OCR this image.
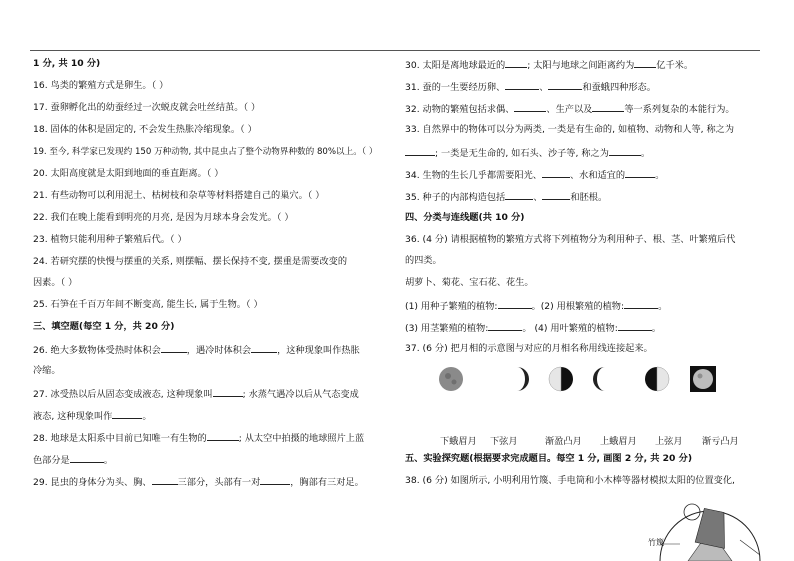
1 分, 共 10 分)
16. 鸟类的繁殖方式是卵生。（ ）
17. 蚕卵孵化出的幼蚕经过一次蜕皮就会吐丝结茧。（ ）
18. 固体的体积是固定的, 不会发生热胀冷缩现象。（ ）
19. 至今, 科学家已发现约 150 万种动物, 其中昆虫占了整个动物界种数的 80%以上。（ ）
20. 太阳高度就是太阳到地面的垂直距离。（ ）
21. 有些动物可以利用泥土、枯树枝和杂草等材料搭建自己的巢穴。（ ）
22. 我们在晚上能看到明亮的月亮, 是因为月球本身会发光。（ ）
23. 植物只能利用种子繁殖后代。（ ）
24. 若研究摆的快慢与摆重的关系, 则摆幅、摆长保持不变, 摆重是需要改变的
因素。（ ）
25. 石笋在千百万年间不断变高, 能生长, 属于生物。（ ）
三、填空题(每空 1 分，共 20 分)
26. 绝大多数物体受热时体积会	，遇冷时体积会	，这种现象叫作热胀
冷缩。
27. 冰受热以后从固态变成液态, 这种现象叫	; 水蒸气遇冷以后从气态变成
液态, 这种现象叫作	。
28. 地球是太阳系中目前已知唯一有生物的	; 从太空中拍摄的地球照片上蓝
色部分是	。
29. 昆虫的身体分为头、胸、	三部分，头部有一对	，胸部有三对足。
30. 太阳是离地球最近的 ; 太阳与地球之间距离约为 亿千米。
31. 蚕的一生要经历卵、	、	和蚕蛾四种形态。
32. 动物的繁殖包括求偶、	、生产以及	等一系列复杂的本能行为。
33. 自然界中的物体可以分为两类, 一类是有生命的, 如植物、动物和人等, 称之为
; 一类是无生命的, 如石头、沙子等, 称之为	。
34. 生物的生长几乎都需要阳光、	、水和适宜的	。
35. 种子的内部构造包括	、	和胚根。
四、分类与连线题(共 10 分)
36. (4 分) 请根据植物的繁殖方式将下列植物分为利用种子、根、茎、叶繁殖后代
的四类。
胡萝卜、菊花、宝石花、花生。
(1) 用种子繁殖的植物:	。(2) 用根繁殖的植物:	。
(3) 用茎繁殖的植物:	。 (4) 用叶繁殖的植物:	。
37. (6 分) 把月相的示意图与对应的月相名称用线连接起来。
五、实验探究题(根据要求完成题目。每空 1 分, 画图 2 分, 共 20 分)
38. (6 分) 如图所示, 小明利用竹篾、手电筒和小木棒等器材模拟太阳的位置变化,
下蛾眉月 下弦月	渐盈凸月 上蛾眉月 上弦月 渐亏凸月
竹篾
